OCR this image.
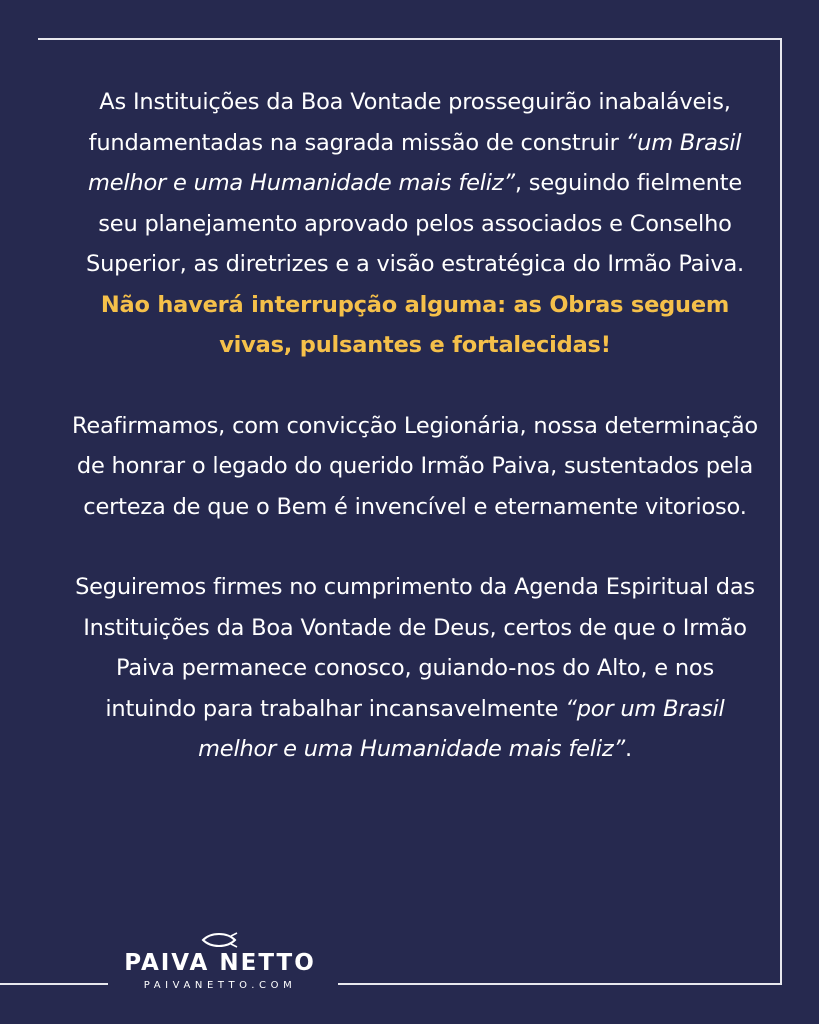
As Instituições da Boa Vontade prosseguirão inabaláveis, fundamentadas na sagrada missão de construir “um Brasil melhor e uma Humanidade mais feliz”, seguindo fielmente seu planejamento aprovado pelos associados e Conselho Superior, as diretrizes e a visão estratégica do Irmão Paiva. Não haverá interrupção alguma: as Obras seguem vivas, pulsantes e fortalecidas!

Reafirmamos, com convicção Legionária, nossa determinação de honrar o legado do querido Irmão Paiva, sustentados pela certeza de que o Bem é invencível e eternamente vitorioso.

Seguiremos firmes no cumprimento da Agenda Espiritual das Instituições da Boa Vontade de Deus, certos de que o Irmão Paiva permanece conosco, guiando-nos do Alto, e nos intuindo para trabalhar incansavelmente “por um Brasil melhor e uma Humanidade mais feliz”.

PAIVA NETTO
PAIVANETTO.COM
